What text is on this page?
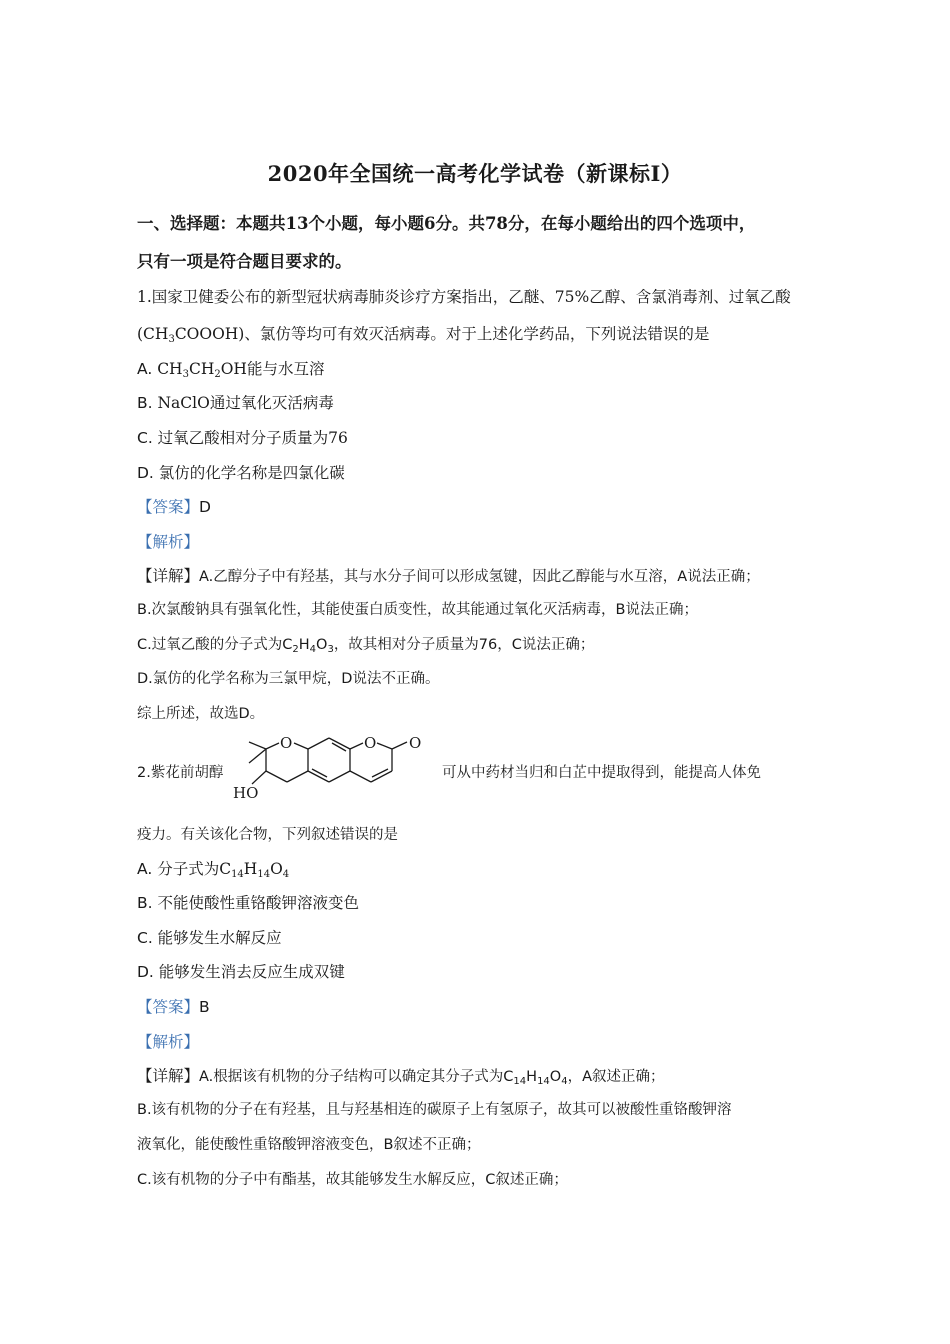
2020年全国统一高考化学试卷（新课标Ⅰ）
一、选择题：本题共13个小题，每小题6分。共78分，在每小题给出的四个选项中，
只有一项是符合题目要求的。
1.国家卫健委公布的新型冠状病毒肺炎诊疗方案指出，乙醚、75%乙醇、含氯消毒剂、过氧乙酸
$(CH_3COOOH)$、氯仿等均可有效灭活病毒。对于上述化学药品，下列说法错误的是
A. $CH_3CH_2OH$能与水互溶
B. NaClO通过氧化灭活病毒
C. 过氧乙酸相对分子质量为76
D. 氯仿的化学名称是四氯化碳
【答案】D
【解析】
【详解】A.乙醇分子中有羟基，其与水分子间可以形成氢键，因此乙醇能与水互溶，A说法正确；
B.次氯酸钠具有强氧化性，其能使蛋白质变性，故其能通过氧化灭活病毒，B说法正确；
C.过氧乙酸的分子式为$C_2H_4O_3$，故其相对分子质量为76，C说法正确；
D.氯仿的化学名称为三氯甲烷，D说法不正确。
综上所述，故选D。
2.紫花前胡醇
O	O O
HO
可从中药材当归和白芷中提取得到，能提高人体免
疫力。有关该化合物，下列叙述错误的是
A. 分子式为$C_{14}H_{14}O_4$
B. 不能使酸性重铬酸钾溶液变色
C. 能够发生水解反应
D. 能够发生消去反应生成双键
【答案】B
【解析】
【详解】A.根据该有机物的分子结构可以确定其分子式为$C_{14}H_{14}O_4$，A叙述正确；
B.该有机物的分子在有羟基，且与羟基相连的碳原子上有氢原子，故其可以被酸性重铬酸钾溶
液氧化，能使酸性重铬酸钾溶液变色，B叙述不正确；
C.该有机物的分子中有酯基，故其能够发生水解反应，C叙述正确；
